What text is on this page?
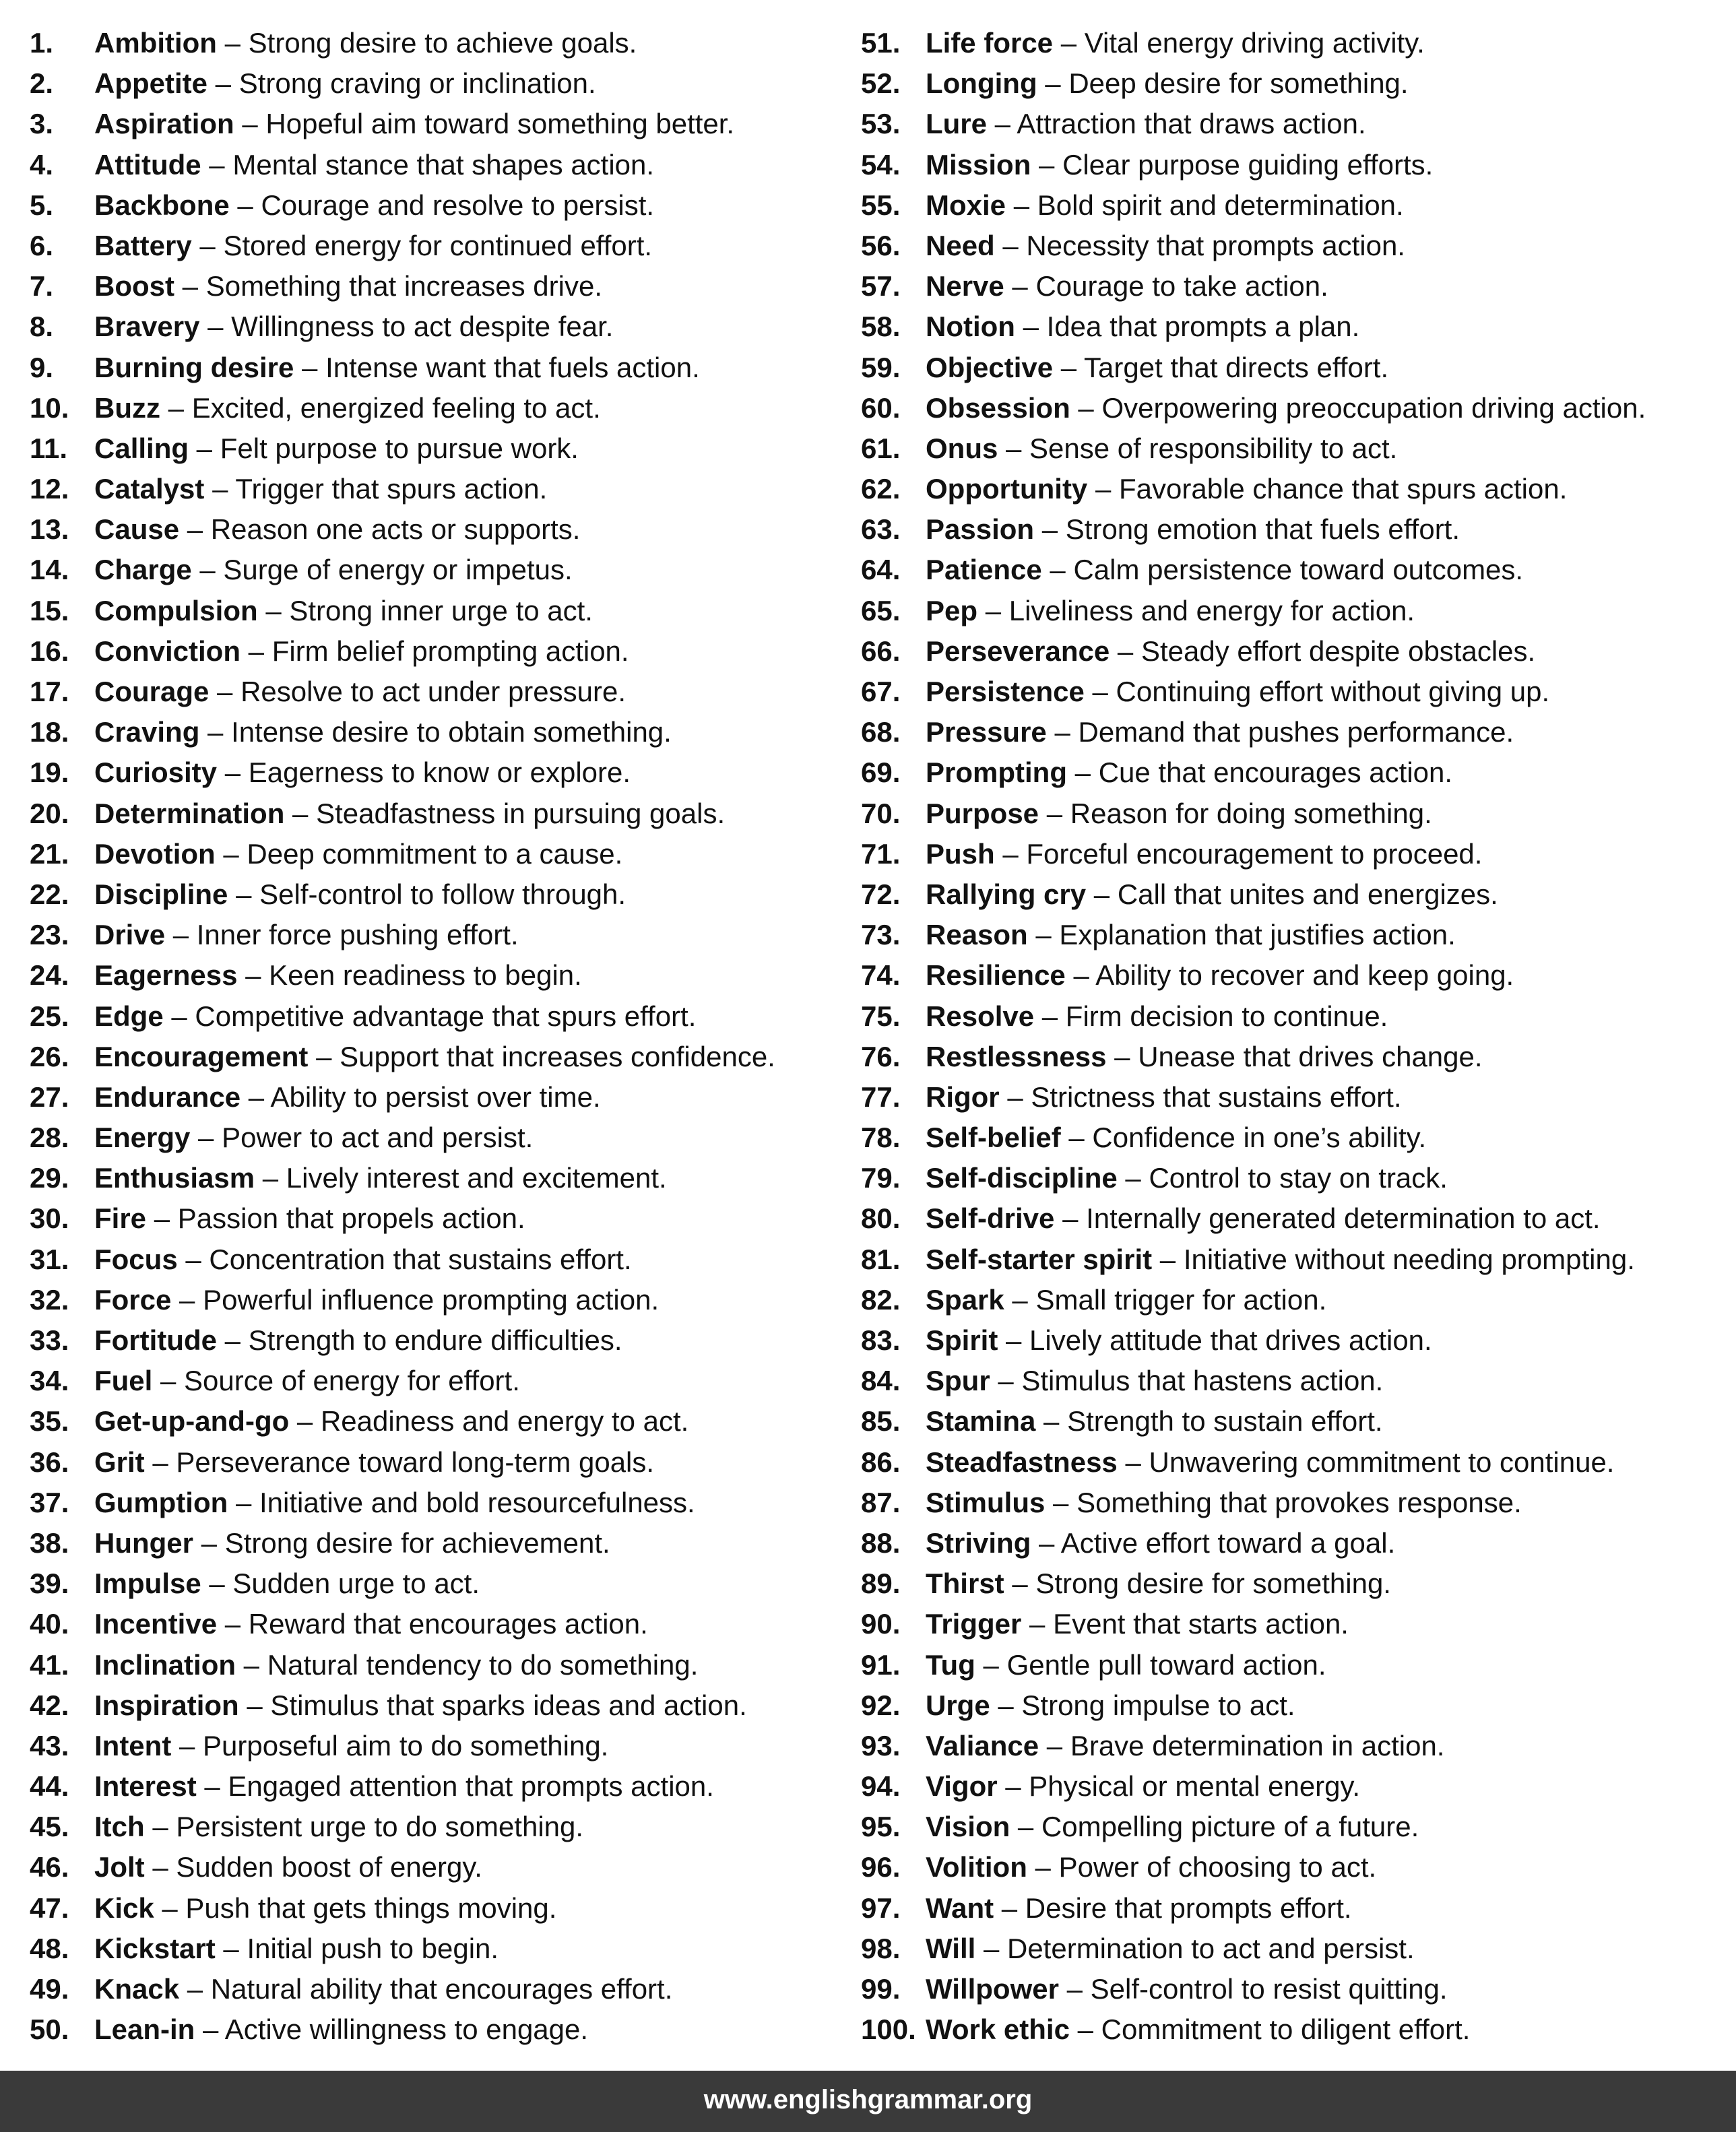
1.	Ambition – Strong desire to achieve goals.
2.	Appetite – Strong craving or inclination.
3.	Aspiration – Hopeful aim toward something better.
4.	Attitude – Mental stance that shapes action.
5.	Backbone – Courage and resolve to persist.
6.	Battery – Stored energy for continued effort.
7.	Boost – Something that increases drive.
8.	Bravery – Willingness to act despite fear.
9.	Burning desire – Intense want that fuels action.
10. Buzz – Excited, energized feeling to act.
11. Calling – Felt purpose to pursue work.
12. Catalyst – Trigger that spurs action.
13. Cause – Reason one acts or supports.
14. Charge – Surge of energy or impetus.
15. Compulsion – Strong inner urge to act.
16. Conviction – Firm belief prompting action.
17. Courage – Resolve to act under pressure.
18. Craving – Intense desire to obtain something.
19. Curiosity – Eagerness to know or explore.
20. Determination – Steadfastness in pursuing goals.
21. Devotion – Deep commitment to a cause.
22. Discipline – Self-control to follow through.
23. Drive – Inner force pushing effort.
24. Eagerness – Keen readiness to begin.
25. Edge – Competitive advantage that spurs effort.
26. Encouragement – Support that increases confidence.
27. Endurance – Ability to persist over time.
28. Energy – Power to act and persist.
29. Enthusiasm – Lively interest and excitement.
30. Fire – Passion that propels action.
31. Focus – Concentration that sustains effort.
32. Force – Powerful influence prompting action.
33. Fortitude – Strength to endure difficulties.
34. Fuel – Source of energy for effort.
35. Get-up-and-go – Readiness and energy to act.
36. Grit – Perseverance toward long-term goals.
37. Gumption – Initiative and bold resourcefulness.
38. Hunger – Strong desire for achievement.
39. Impulse – Sudden urge to act.
40. Incentive – Reward that encourages action.
41. Inclination – Natural tendency to do something.
42. Inspiration – Stimulus that sparks ideas and action.
43. Intent – Purposeful aim to do something.
44. Interest – Engaged attention that prompts action.
45. Itch – Persistent urge to do something.
46. Jolt – Sudden boost of energy.
47. Kick – Push that gets things moving.
48. Kickstart – Initial push to begin.
49. Knack – Natural ability that encourages effort.
50. Lean-in – Active willingness to engage.
51. Life force – Vital energy driving activity.
52. Longing – Deep desire for something.
53. Lure – Attraction that draws action.
54. Mission – Clear purpose guiding efforts.
55. Moxie – Bold spirit and determination.
56. Need – Necessity that prompts action.
57. Nerve – Courage to take action.
58. Notion – Idea that prompts a plan.
59. Objective – Target that directs effort.
60. Obsession – Overpowering preoccupation driving action.
61. Onus – Sense of responsibility to act.
62. Opportunity – Favorable chance that spurs action.
63. Passion – Strong emotion that fuels effort.
64. Patience – Calm persistence toward outcomes.
65. Pep – Liveliness and energy for action.
66. Perseverance – Steady effort despite obstacles.
67. Persistence – Continuing effort without giving up.
68. Pressure – Demand that pushes performance.
69. Prompting – Cue that encourages action.
70. Purpose – Reason for doing something.
71. Push – Forceful encouragement to proceed.
72. Rallying cry – Call that unites and energizes.
73. Reason – Explanation that justifies action.
74. Resilience – Ability to recover and keep going.
75. Resolve – Firm decision to continue.
76. Restlessness – Unease that drives change.
77. Rigor – Strictness that sustains effort.
78. Self-belief – Confidence in one’s ability.
79. Self-discipline – Control to stay on track.
80. Self-drive – Internally generated determination to act.
81. Self-starter spirit – Initiative without needing prompting.
82. Spark – Small trigger for action.
83. Spirit – Lively attitude that drives action.
84. Spur – Stimulus that hastens action.
85. Stamina – Strength to sustain effort.
86. Steadfastness – Unwavering commitment to continue.
87. Stimulus – Something that provokes response.
88. Striving – Active effort toward a goal.
89. Thirst – Strong desire for something.
90. Trigger – Event that starts action.
91. Tug – Gentle pull toward action.
92. Urge – Strong impulse to act.
93. Valiance – Brave determination in action.
94. Vigor – Physical or mental energy.
95. Vision – Compelling picture of a future.
96. Volition – Power of choosing to act.
97. Want – Desire that prompts effort.
98. Will – Determination to act and persist.
99. Willpower – Self-control to resist quitting.
100. Work ethic – Commitment to diligent effort.
www.englishgrammar.org
